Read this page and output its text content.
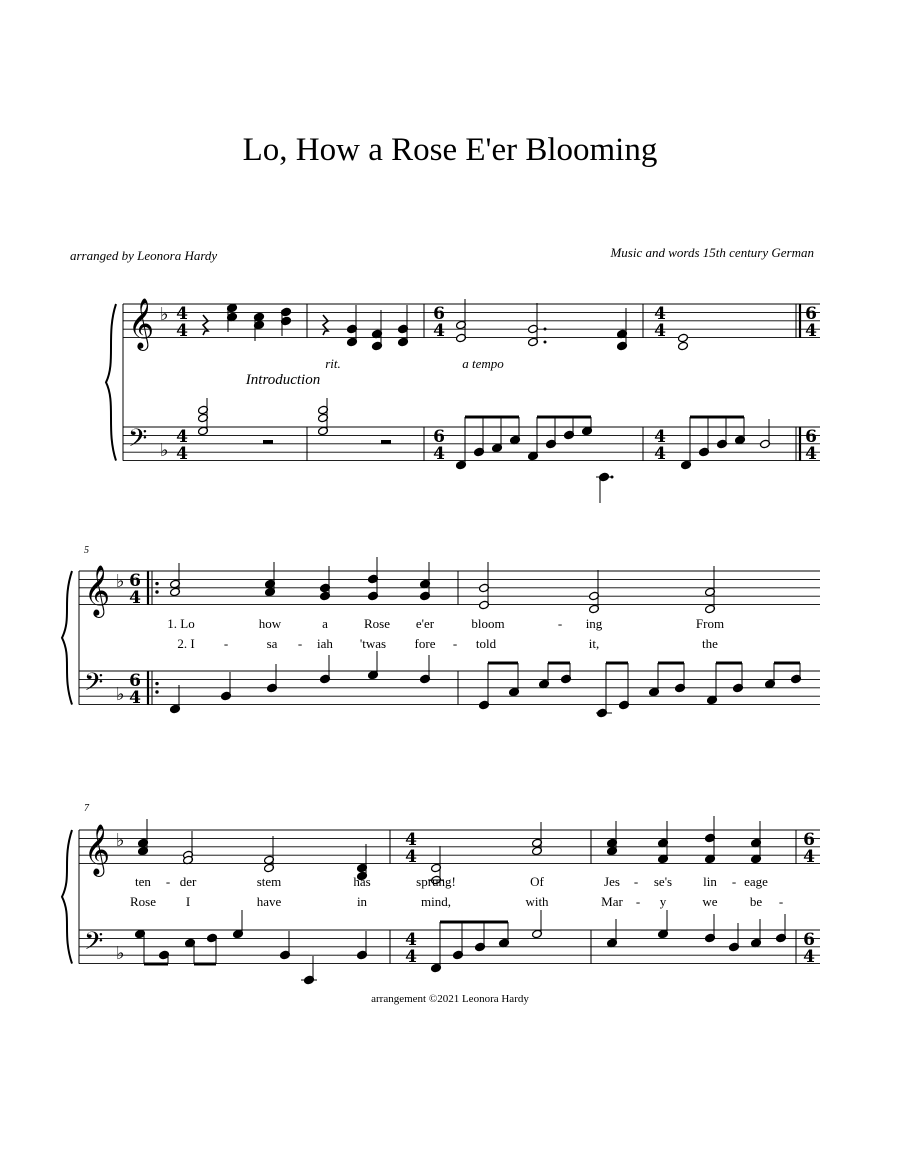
Lo, How a Rose E'er Blooming
arranged by Leonora Hardy	Music and words 15th century German
𝄞
𝄢
♭
♭
4
4
4
4
6
4
6
4
4
4
4
4
6
4
6
4
rit.	a tempo
Introduction
5
𝄞
𝄢
♭
♭
6
4
6
4
1. Lo	how	a	Rose e'er	bloom	- ing	From
2. I -	sa - iah 'twas fore - told	it,	the
7
𝄞
𝄢
♭
♭
4
4
4
4
6
4
6
4
ten - der	stem	has	sprung!	Of	Jes - se's lin - eage
Rose I	have	in	mind,	with	Mar - y	we be -
arrangement ©2021 Leonora Hardy
